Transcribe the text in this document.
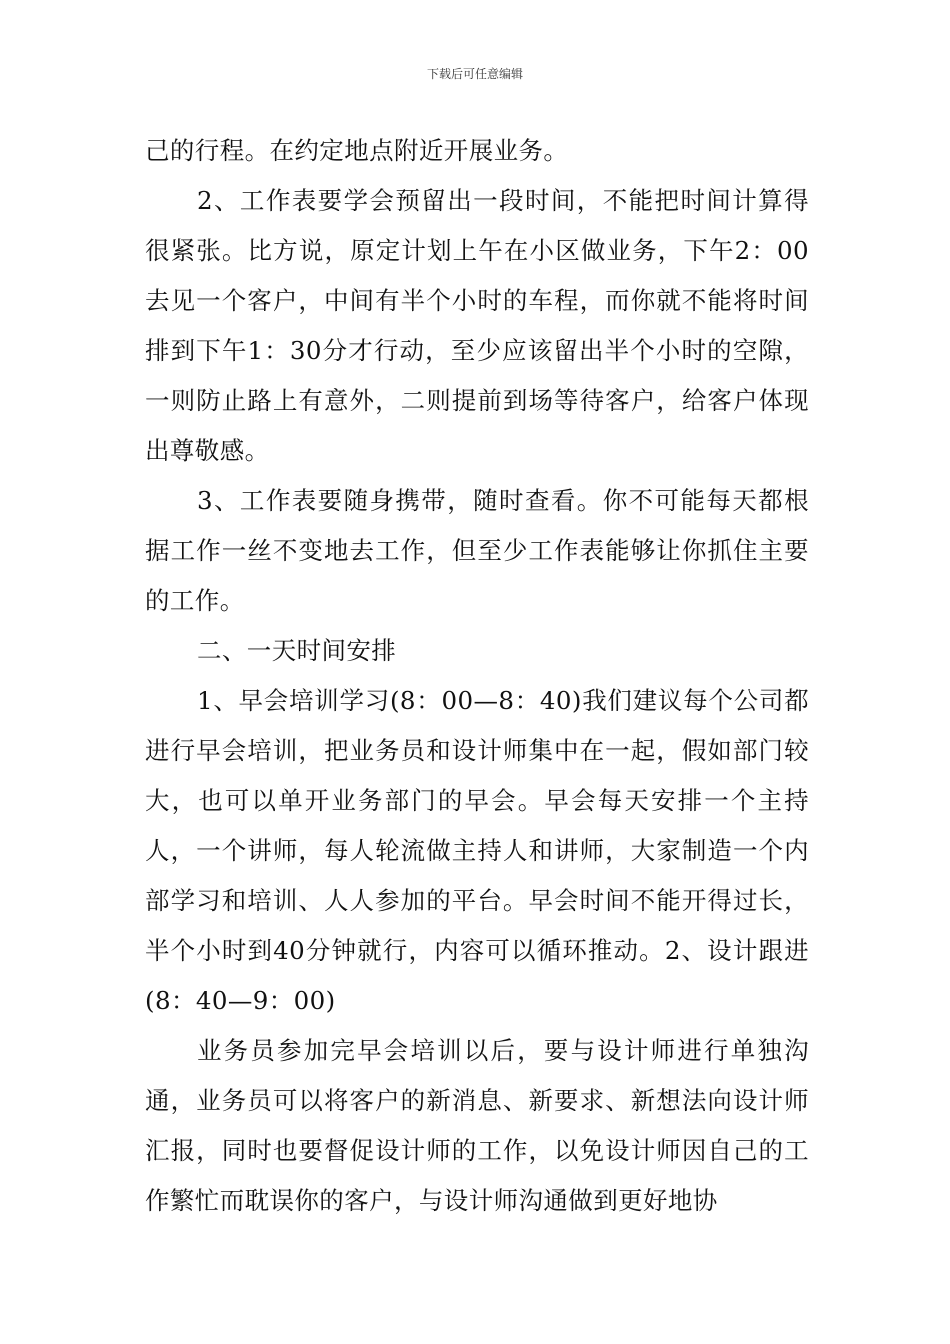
下载后可任意编辑

己的行程。在约定地点附近开展业务。

2、工作表要学会预留出一段时间，不能把时间计算得很紧张。比方说，原定计划上午在小区做业务，下午2：00去见一个客户，中间有半个小时的车程，而你就不能将时间排到下午1：30分才行动，至少应该留出半个小时的空隙，一则防止路上有意外，二则提前到场等待客户，给客户体现出尊敬感。

3、工作表要随身携带，随时查看。你不可能每天都根据工作一丝不变地去工作，但至少工作表能够让你抓住主要的工作。

二、一天时间安排

1、早会培训学习(8：00—8：40)我们建议每个公司都进行早会培训，把业务员和设计师集中在一起，假如部门较大，也可以单开业务部门的早会。早会每天安排一个主持人，一个讲师，每人轮流做主持人和讲师，大家制造一个内部学习和培训、人人参加的平台。早会时间不能开得过长，半个小时到40分钟就行，内容可以循环推动。2、设计跟进(8：40—9：00)

业务员参加完早会培训以后，要与设计师进行单独沟通，业务员可以将客户的新消息、新要求、新想法向设计师汇报，同时也要督促设计师的工作，以免设计师因自己的工作繁忙而耽误你的客户，与设计师沟通做到更好地协
